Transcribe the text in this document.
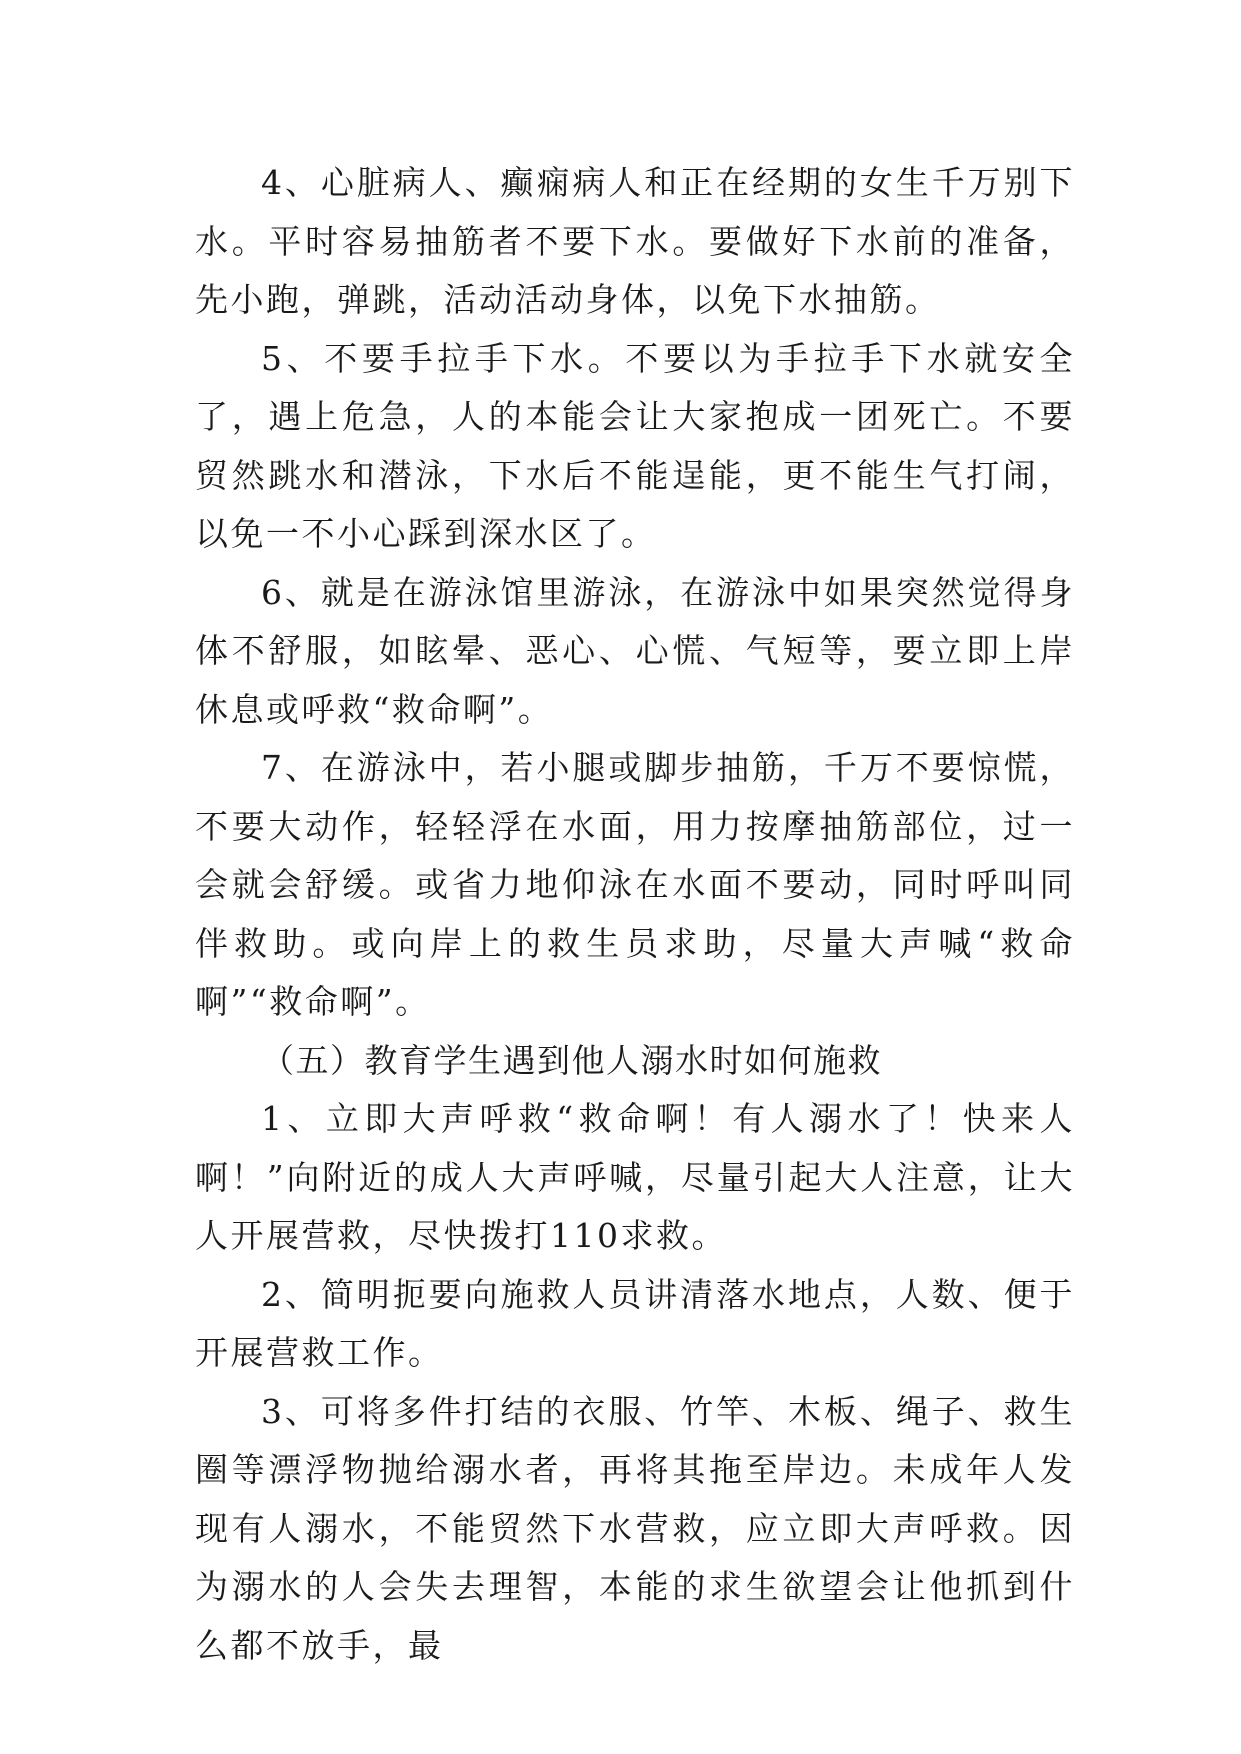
4、心脏病人、癫痫病人和正在经期的女生千万别下水。平时容易抽筋者不要下水。要做好下水前的准备，先小跑，弹跳，活动活动身体，以免下水抽筋。

5、不要手拉手下水。不要以为手拉手下水就安全了，遇上危急，人的本能会让大家抱成一团死亡。不要贸然跳水和潜泳，下水后不能逞能，更不能生气打闹，以免一不小心踩到深水区了。

6、就是在游泳馆里游泳，在游泳中如果突然觉得身体不舒服，如眩晕、恶心、心慌、气短等，要立即上岸休息或呼救“救命啊”。

7、在游泳中，若小腿或脚步抽筋，千万不要惊慌，不要大动作，轻轻浮在水面，用力按摩抽筋部位，过一会就会舒缓。或省力地仰泳在水面不要动，同时呼叫同伴救助。或向岸上的救生员求助，尽量大声喊“救命啊”“救命啊”。

（五）教育学生遇到他人溺水时如何施救

1、立即大声呼救“救命啊！有人溺水了！快来人啊！”向附近的成人大声呼喊，尽量引起大人注意，让大人开展营救，尽快拨打110求救。

2、简明扼要向施救人员讲清落水地点，人数、便于开展营救工作。

3、可将多件打结的衣服、竹竿、木板、绳子、救生圈等漂浮物抛给溺水者，再将其拖至岸边。未成年人发现有人溺水，不能贸然下水营救，应立即大声呼救。因为溺水的人会失去理智，本能的求生欲望会让他抓到什么都不放手，最
